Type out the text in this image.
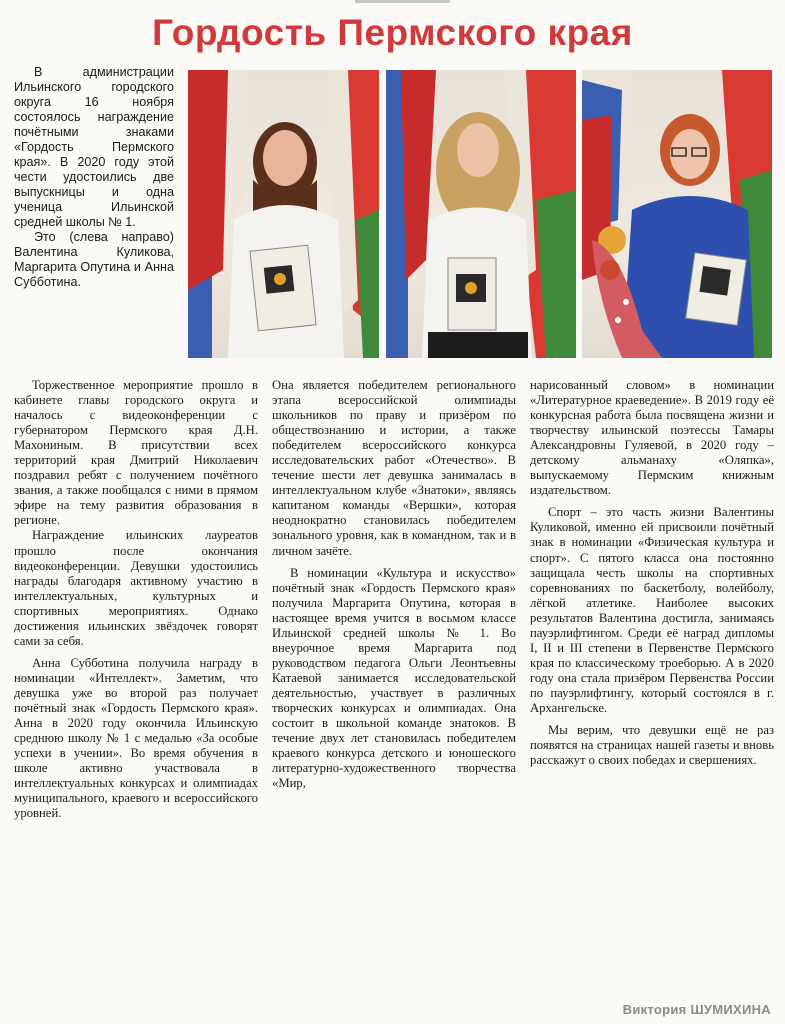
Гордость Пермского края

В администрации Ильинского городского округа 16 ноября состоялось награждение почётными знаками «Гордость Пермского края». В 2020 году этой чести удостоились две выпускницы и одна ученица Ильинской средней школы № 1.

Это (слева направо) Валентина Куликова, Маргарита Опутина и Анна Субботина.

Торжественное мероприятие прошло в кабинете главы городского округа и началось с видеоконференции с губернатором Пермского края Д.Н. Махониным. В присутствии всех территорий края Дмитрий Николаевич поздравил ребят с получением почётного звания, а также пообщался с ними в прямом эфире на тему развития образования в регионе.

Награждение ильинских лауреатов прошло после окончания видеоконференции. Девушки удостоились награды благодаря активному участию в интеллектуальных, культурных и спортивных мероприятиях. Однако достижения ильинских звёздочек говорят сами за себя.

Анна Субботина получила награду в номинации «Интеллект». Заметим, что девушка уже во второй раз получает почётный знак «Гордость Пермского края». Анна в 2020 году окончила Ильинскую среднюю школу № 1 с медалью «За особые успехи в учении». Во время обучения в школе активно участвовала в интеллектуальных конкурсах и олимпиадах муниципального, краевого и всероссийского уровней.

Она является победителем регионального этапа всероссийской олимпиады школьников по праву и призёром по обществознанию и истории, а также победителем всероссийского конкурса исследовательских работ «Отечество». В течение шести лет девушка занималась в интеллектуальном клубе «Знатоки», являясь капитаном команды «Вершки», которая неоднократно становилась победителем зонального уровня, как в командном, так и в личном зачёте.

В номинации «Культура и искусство» почётный знак «Гордость Пермского края» получила Маргарита Опутина, которая в настоящее время учится в восьмом классе Ильинской средней школы № 1. Во внеурочное время Маргарита под руководством педагога Ольги Леонтьевны Катаевой занимается исследовательской деятельностью, участвует в различных творческих конкурсах и олимпиадах. Она состоит в школьной команде знатоков. В течение двух лет становилась победителем краевого конкурса детского и юношеского литературно-художественного творчества «Мир,

нарисованный словом» в номинации «Литературное краеведение». В 2019 году её конкурсная работа была посвящена жизни и творчеству ильинской поэтессы Тамары Александровны Гуляевой, в 2020 году – детскому альманаху «Оляпка», выпускаемому Пермским книжным издательством.

Спорт – это часть жизни Валентины Куликовой, именно ей присвоили почётный знак в номинации «Физическая культура и спорт». С пятого класса она постоянно защищала честь школы на спортивных соревнованиях по баскетболу, волейболу, лёгкой атлетике. Наиболее высоких результатов Валентина достигла, занимаясь пауэрлифтингом. Среди её наград дипломы I, II и III степени в Первенстве Пермского края по классическому троеборью. А в 2020 году она стала призёром Первенства России по пауэрлифтингу, который состоялся в г. Архангельске.

Мы верим, что девушки ещё не раз появятся на страницах нашей газеты и вновь расскажут о своих победах и свершениях.

Виктория ШУМИХИНА
